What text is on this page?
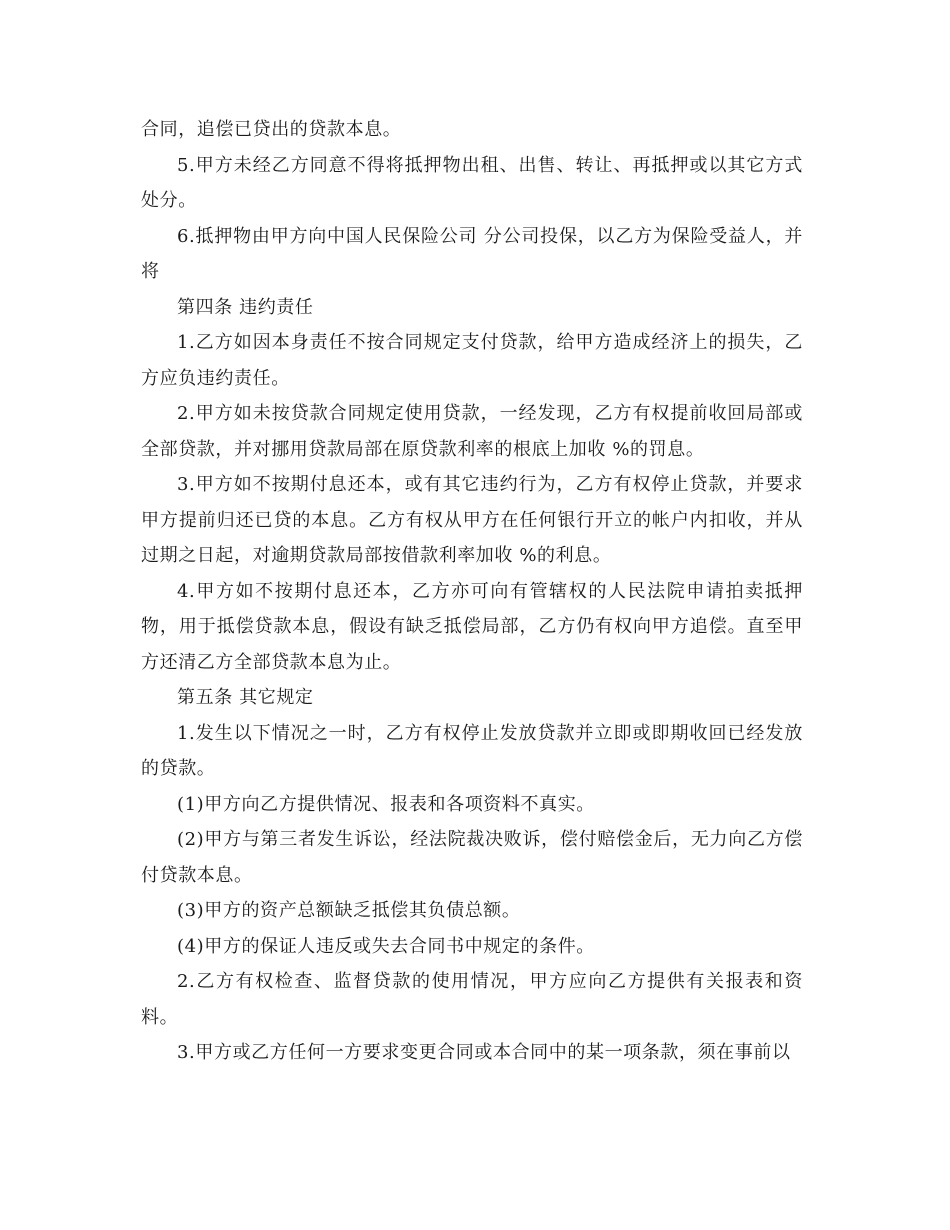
合同，追偿已贷出的贷款本息。

5.甲方未经乙方同意不得将抵押物出租、出售、转让、再抵押或以其它方式处分。

6.抵押物由甲方向中国人民保险公司 分公司投保，以乙方为保险受益人，并将

第四条 违约责任

1.乙方如因本身责任不按合同规定支付贷款，给甲方造成经济上的损失，乙方应负违约责任。

2.甲方如未按贷款合同规定使用贷款，一经发现，乙方有权提前收回局部或全部贷款，并对挪用贷款局部在原贷款利率的根底上加收 %的罚息。

3.甲方如不按期付息还本，或有其它违约行为，乙方有权停止贷款，并要求甲方提前归还已贷的本息。乙方有权从甲方在任何银行开立的帐户内扣收，并从过期之日起，对逾期贷款局部按借款利率加收 %的利息。

4.甲方如不按期付息还本，乙方亦可向有管辖权的人民法院申请拍卖抵押物，用于抵偿贷款本息，假设有缺乏抵偿局部，乙方仍有权向甲方追偿。直至甲方还清乙方全部贷款本息为止。

第五条 其它规定

1.发生以下情况之一时，乙方有权停止发放贷款并立即或即期收回已经发放的贷款。

(1)甲方向乙方提供情况、报表和各项资料不真实。

(2)甲方与第三者发生诉讼，经法院裁决败诉，偿付赔偿金后，无力向乙方偿付贷款本息。

(3)甲方的资产总额缺乏抵偿其负债总额。

(4)甲方的保证人违反或失去合同书中规定的条件。

2.乙方有权检查、监督贷款的使用情况，甲方应向乙方提供有关报表和资料。

3.甲方或乙方任何一方要求变更合同或本合同中的某一项条款，须在事前以
